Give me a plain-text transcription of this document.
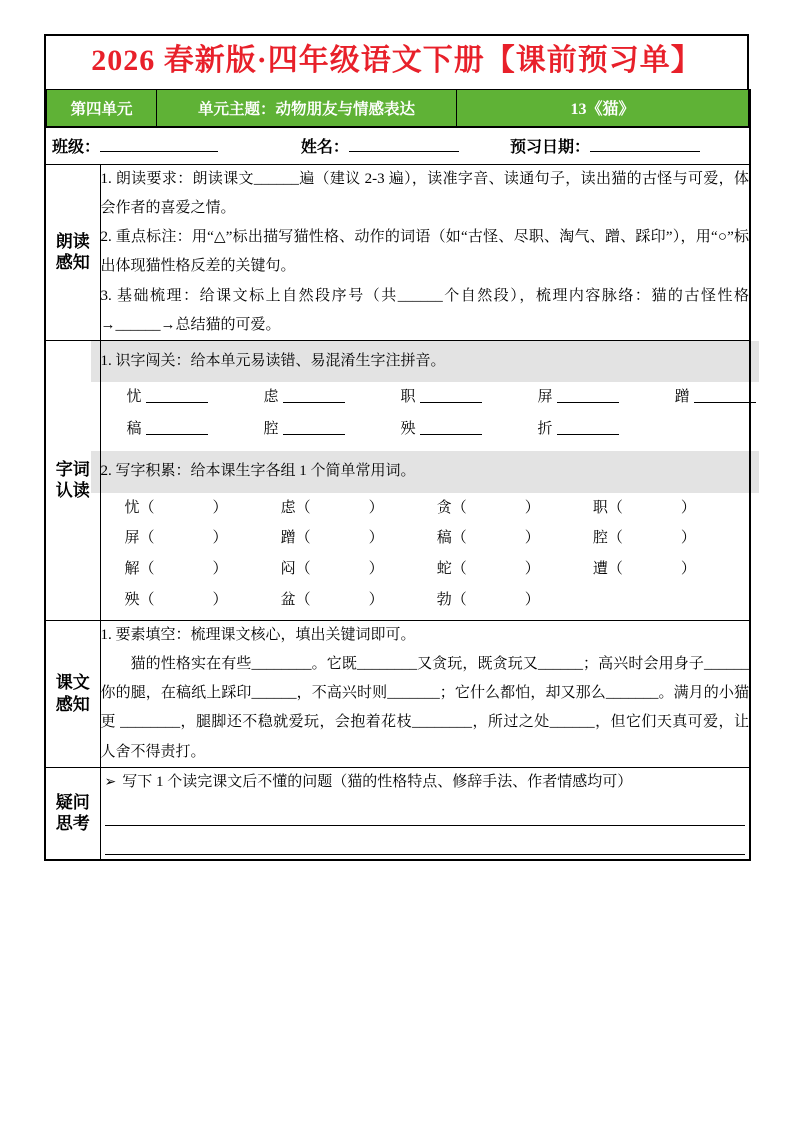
2026 春新版·四年级语文下册【课前预习单】
第四单元	单元主题：动物朋友与情感表达	13《猫》

班级：	姓名：	预习日期：

朗读感知

1. 朗读要求：朗读课文______遍（建议 2-3 遍），读准字音、读通句子，读出猫的古怪与可爱，体会作者的喜爱之情。

2. 重点标注：用“△”标出描写猫性格、动作的词语（如“古怪、尽职、淘气、蹭、踩印”），用“○”标出体现猫性格反差的关键句。

3. 基础梳理：给课文标上自然段序号（共______个自然段），梳理内容脉络：猫的古怪性格→______→总结猫的可爱。

字词认读

1. 识字闯关：给本单元易读错、易混淆生字注拼音。
忧	虑	职	屏	蹭
稿	腔	殃	折
2. 写字积累：给本课生字各组 1 个简单常用词。
忧（	）	虑（	）	贪（	）	职（	）
屏（	）	蹭（	）	稿（	）	腔（	）
解（	）	闷（	）	蛇（	）	遭（	）
殃（	）	盆（	）	勃（	）

课文感知

1. 要素填空：梳理课文核心，填出关键词即可。

猫的性格实在有些________。它既________又贪玩，既贪玩又______；高兴时会用身子______你的腿，在稿纸上踩印______，不高兴时则_______；它什么都怕，却又那么_______。满月的小猫更 ________，腿脚还不稳就爱玩，会抱着花枝________，所过之处______，但它们天真可爱，让人舍不得责打。

疑问思考

➢ 写下 1 个读完课文后不懂的问题（猫的性格特点、修辞手法、作者情感均可）
